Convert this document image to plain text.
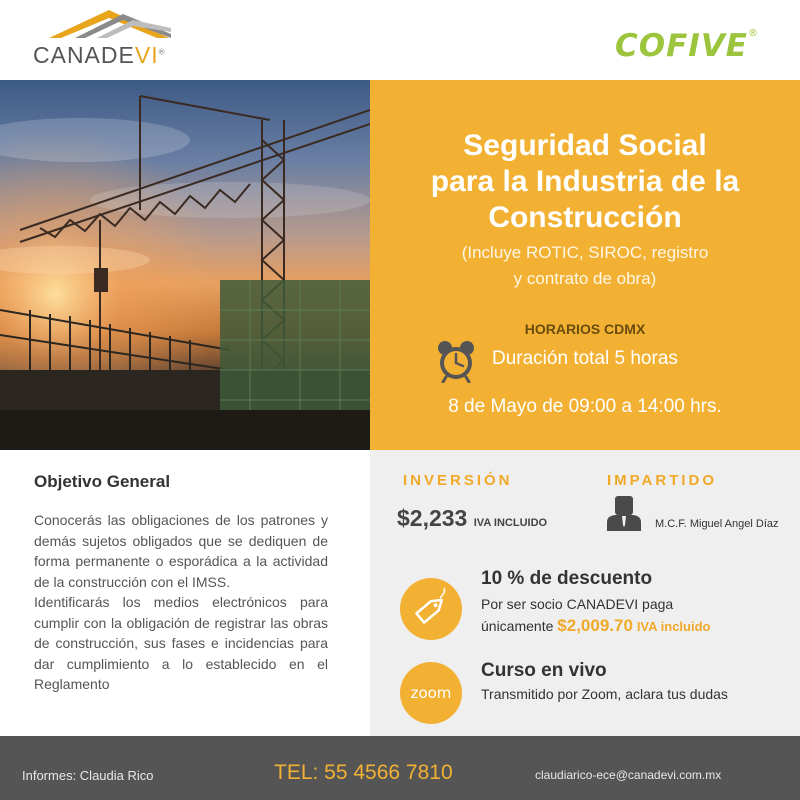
CANADEVI®	COFIVE®
Seguridad Social
para la Industria de la
Construcción
(Incluye ROTIC, SIROC, registro
y contrato de obra)
HORARIOS CDMX
Duración total 5 horas
8 de Mayo de 09:00 a 14:00 hrs.
Objetivo General

Conocerás las obligaciones de los patrones y demás sujetos obligados que se dediquen de forma permanente o esporádica a la actividad de la construcción con el IMSS.

Identificarás los medios electrónicos para cumplir con la obligación de registrar las obras de construcción, sus fases e incidencias para dar cumplimiento a lo establecido en el Reglamento

INVERSIÓN
$2,233 IVA INCLUIDO
IMPARTIDO
M.C.F. Miguel Angel Díaz
10 % de descuento
Por ser socio CANADEVI paga
únicamente $2,009.70 IVA incluido
zoom
Curso en vivo
Transmitido por Zoom, aclara tus dudas
Informes: Claudia Rico	TEL: 55 4566 7810	claudiarico-ece@canadevi.com.mx
